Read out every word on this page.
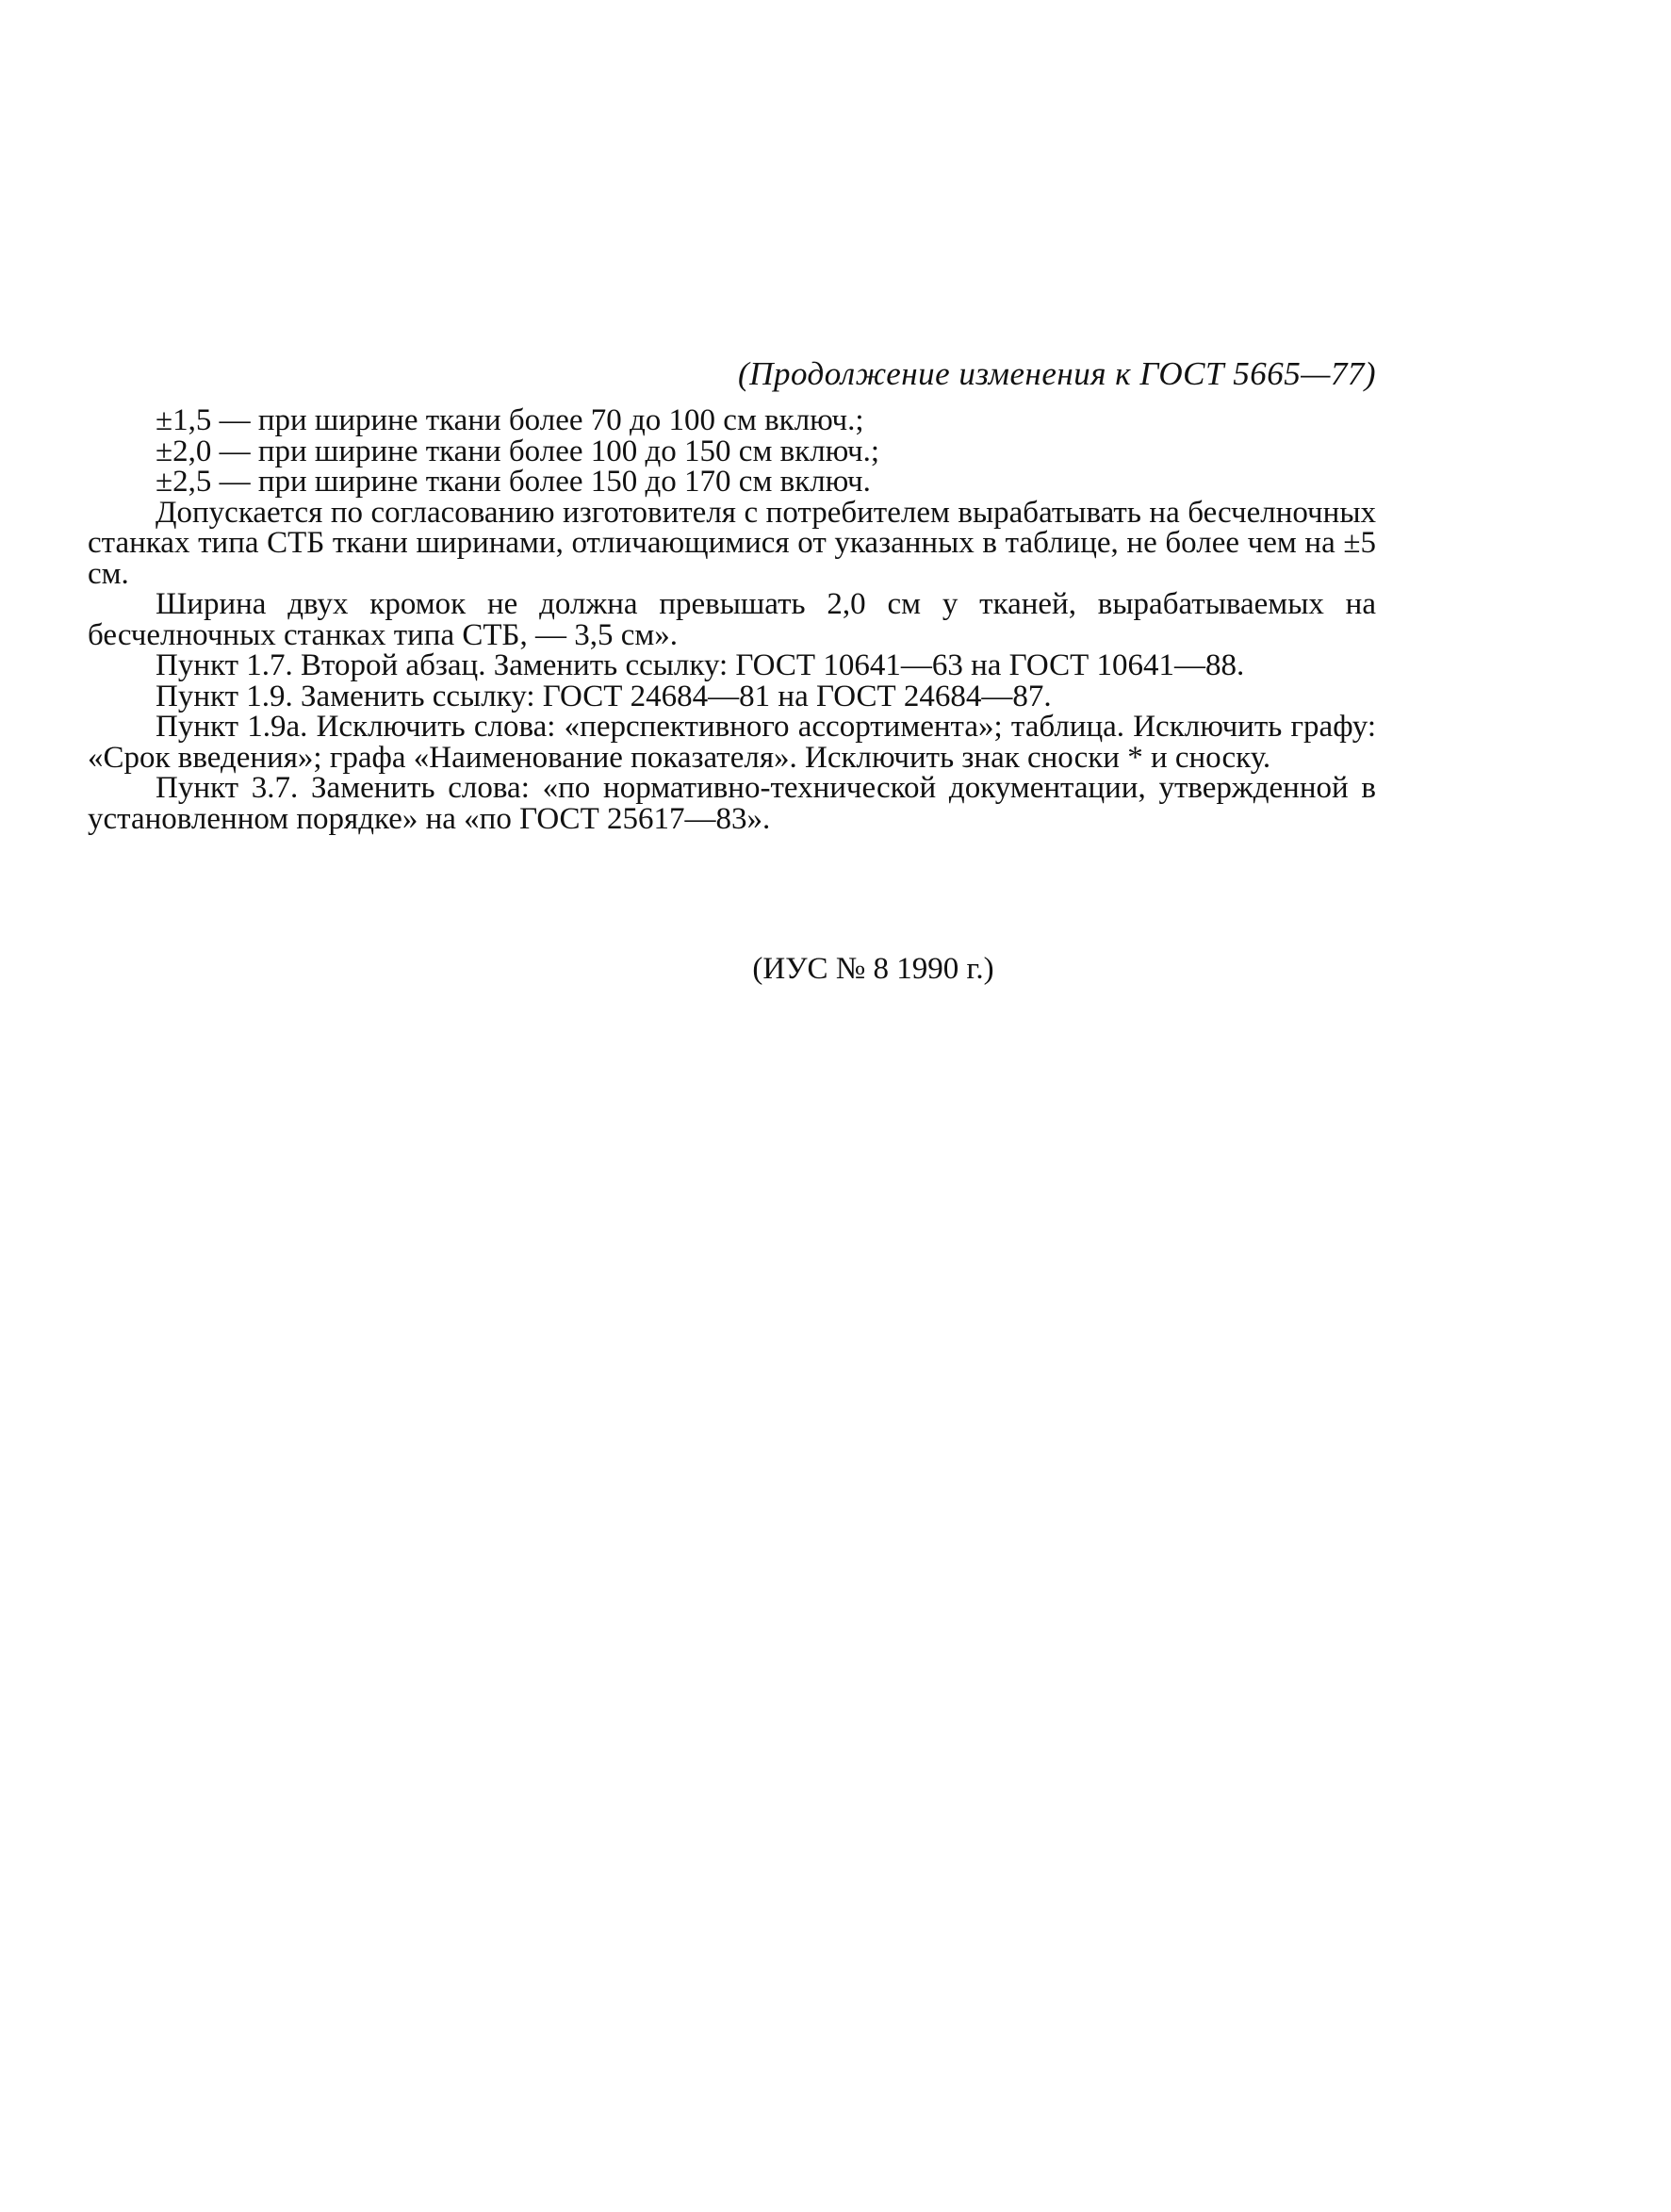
(Продолжение изменения к ГОСТ 5665—77)

±1,5 — при ширине ткани более 70 до 100 см включ.;

±2,0 — при ширине ткани более 100 до 150 см включ.;

±2,5 — при ширине ткани более 150 до 170 см включ.

Допускается по согласованию изготовителя с потребителем вырабатывать на бесчелночных станках типа СТБ ткани ширинами, отличающимися от указанных в таблице, не более чем на ±5 см.

Ширина двух кромок не должна превышать 2,0 см у тканей, вырабатываемых на бесчелночных станках типа СТБ, — 3,5 см».

Пункт 1.7. Второй абзац. Заменить ссылку: ГОСТ 10641—63 на ГОСТ 10641—88.

Пункт 1.9. Заменить ссылку: ГОСТ 24684—81 на ГОСТ 24684—87.

Пункт 1.9а. Исключить слова: «перспективного ассортимента»; таблица. Исключить графу: «Срок введения»; графа «Наименование показателя». Исключить знак сноски * и сноску.

Пункт 3.7. Заменить слова: «по нормативно-технической документации, утвержденной в установленном порядке» на «по ГОСТ 25617—83».

(ИУС № 8 1990 г.)
